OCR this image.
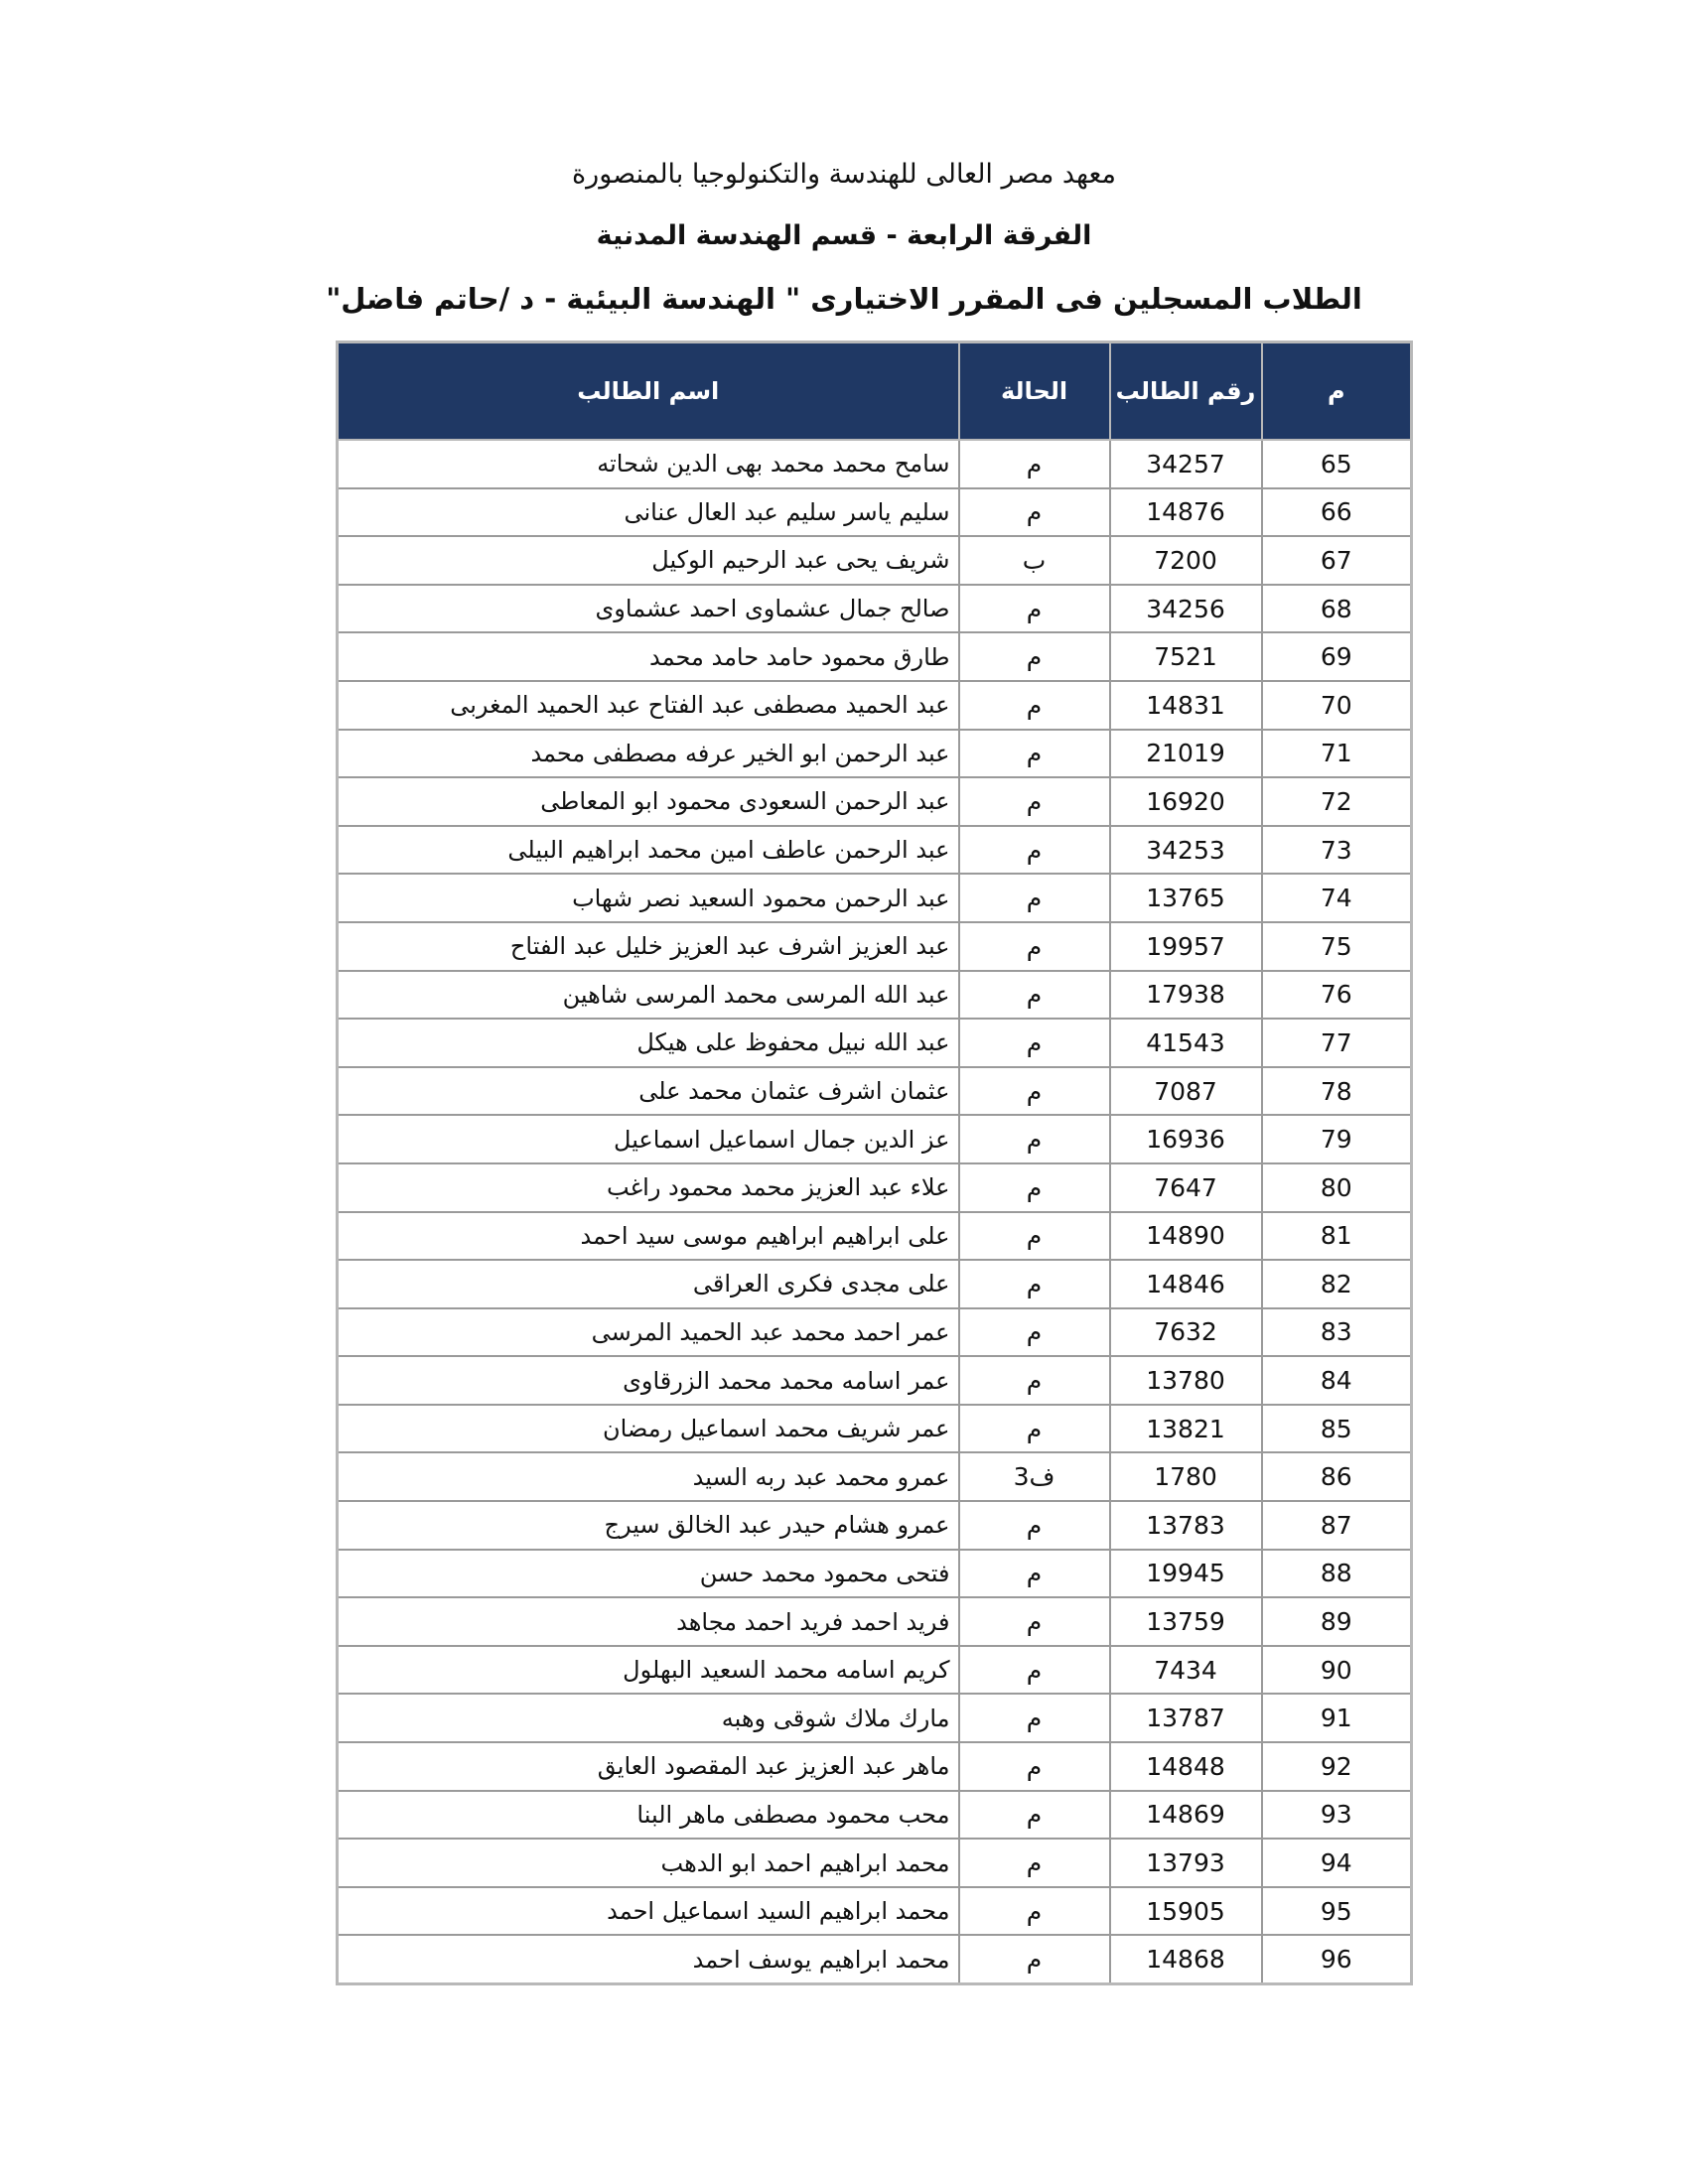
معهد مصر العالى للهندسة والتكنولوجيا بالمنصورة
الفرقة الرابعة - قسم الهندسة المدنية
الطلاب المسجلين فى المقرر الاختيارى " الهندسة البيئية - د /حاتم فاضل"
م	رقم الطالب	الحالة	اسم الطالب
65	34257	م	سامح محمد محمد بهى الدين شحاته
66	14876	م	سليم ياسر سليم عبد العال عنانى
67	7200	ب	شريف يحى عبد الرحيم الوكيل
68	34256	م	صالح جمال عشماوى احمد عشماوى
69	7521	م	طارق محمود حامد حامد محمد
70	14831	م	عبد الحميد مصطفى عبد الفتاح عبد الحميد المغربى
71	21019	م	عبد الرحمن ابو الخير عرفه مصطفى محمد
72	16920	م	عبد الرحمن السعودى محمود ابو المعاطى
73	34253	م	عبد الرحمن عاطف امين محمد ابراهيم البيلى
74	13765	م	عبد الرحمن محمود السعيد نصر شهاب
75	19957	م	عبد العزيز اشرف عبد العزيز خليل عبد الفتاح
76	17938	م	عبد الله المرسى محمد المرسى شاهين
77	41543	م	عبد الله نبيل محفوظ على هيكل
78	7087	م	عثمان اشرف عثمان محمد على
79	16936	م	عز الدين جمال اسماعيل اسماعيل
80	7647	م	علاء عبد العزيز محمد محمود راغب
81	14890	م	على ابراهيم ابراهيم موسى سيد احمد
82	14846	م	على مجدى فكرى العراقى
83	7632	م	عمر احمد محمد عبد الحميد المرسى
84	13780	م	عمر اسامه محمد محمد الزرقاوى
85	13821	م	عمر شريف محمد اسماعيل رمضان
86	1780	ف3	عمرو محمد عبد ربه السيد
87	13783	م	عمرو هشام حيدر عبد الخالق سيرج
88	19945	م	فتحى محمود محمد حسن
89	13759	م	فريد احمد فريد احمد مجاهد
90	7434	م	كريم اسامه محمد السعيد البهلول
91	13787	م	مارك ملاك شوقى وهبه
92	14848	م	ماهر عبد العزيز عبد المقصود العايق
93	14869	م	محب محمود مصطفى ماهر البنا
94	13793	م	محمد ابراهيم احمد ابو الدهب
95	15905	م	محمد ابراهيم السيد اسماعيل احمد
96	14868	م	محمد ابراهيم يوسف احمد
